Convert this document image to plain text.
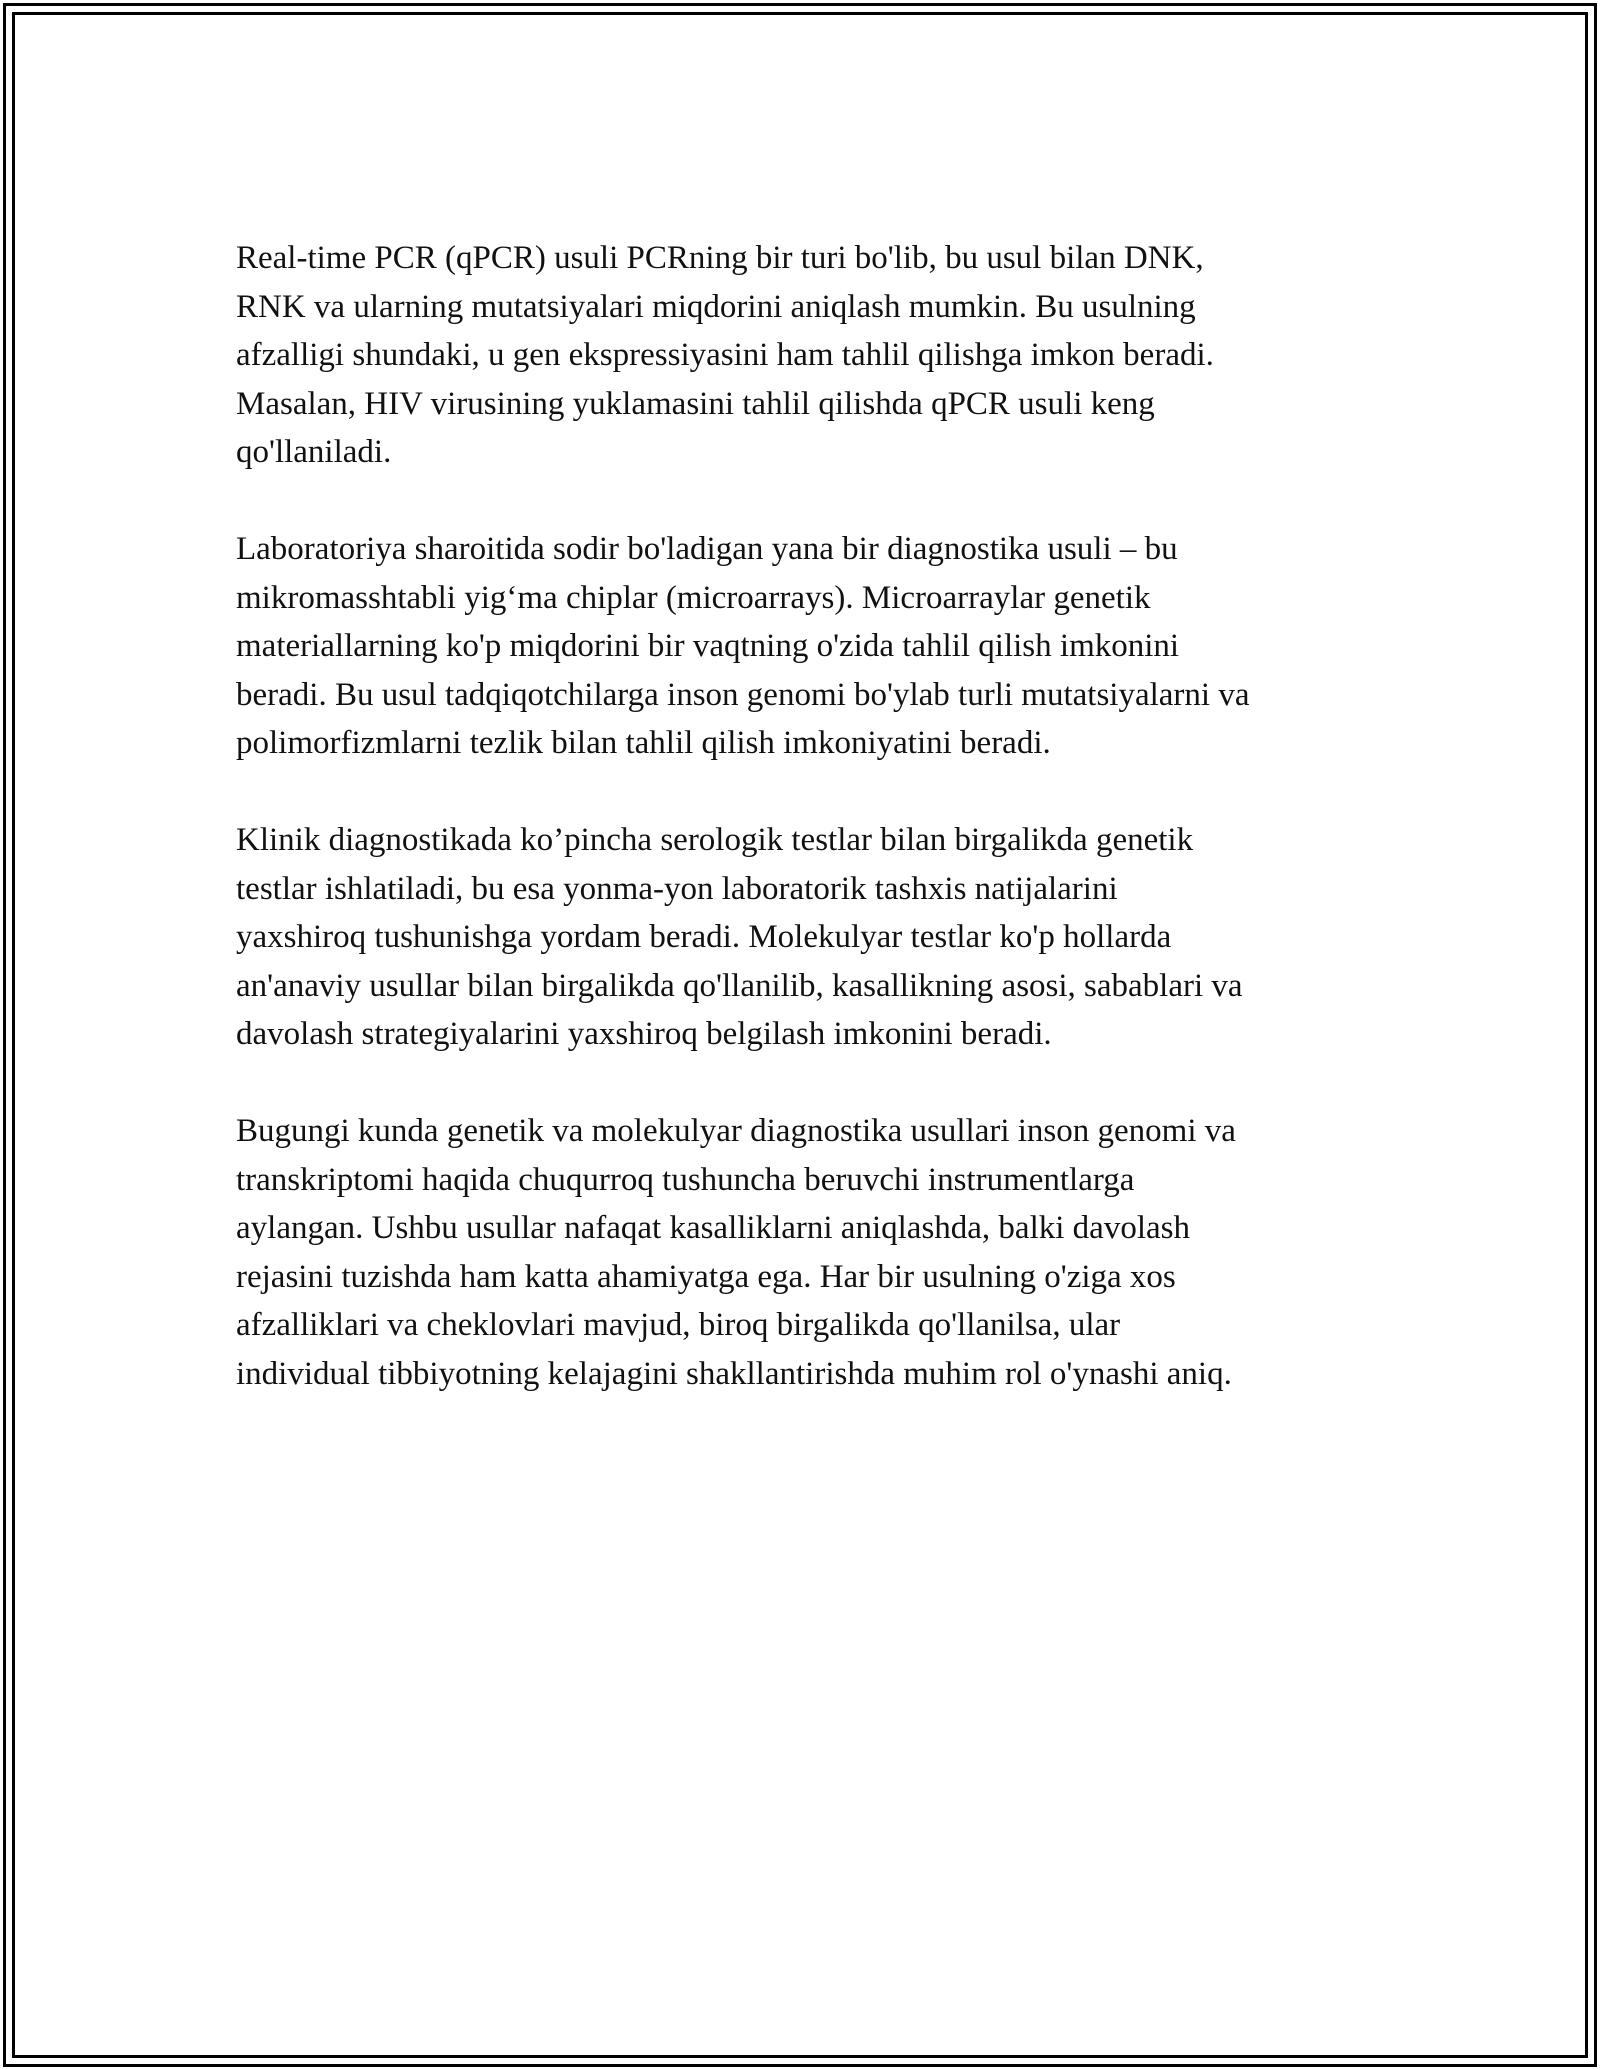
Real-time PCR (qPCR) usuli PCRning bir turi bo'lib, bu usul bilan DNK,
RNK va ularning mutatsiyalari miqdorini aniqlash mumkin. Bu usulning
afzalligi shundaki, u gen ekspressiyasini ham tahlil qilishga imkon beradi.
Masalan, HIV virusining yuklamasini tahlil qilishda qPCR usuli keng
qo'llaniladi.

Laboratoriya sharoitida sodir bo'ladigan yana bir diagnostika usuli – bu
mikromasshtabli yig‘ma chiplar (microarrays). Microarraylar genetik
materiallarning ko'p miqdorini bir vaqtning o'zida tahlil qilish imkonini
beradi. Bu usul tadqiqotchilarga inson genomi bo'ylab turli mutatsiyalarni va
polimorfizmlarni tezlik bilan tahlil qilish imkoniyatini beradi.

Klinik diagnostikada ko’pincha serologik testlar bilan birgalikda genetik
testlar ishlatiladi, bu esa yonma-yon laboratorik tashxis natijalarini
yaxshiroq tushunishga yordam beradi. Molekulyar testlar ko'p hollarda
an'anaviy usullar bilan birgalikda qo'llanilib, kasallikning asosi, sabablari va
davolash strategiyalarini yaxshiroq belgilash imkonini beradi.

Bugungi kunda genetik va molekulyar diagnostika usullari inson genomi va
transkriptomi haqida chuqurroq tushuncha beruvchi instrumentlarga
aylangan. Ushbu usullar nafaqat kasalliklarni aniqlashda, balki davolash
rejasini tuzishda ham katta ahamiyatga ega. Har bir usulning o'ziga xos
afzalliklari va cheklovlari mavjud, biroq birgalikda qo'llanilsa, ular
individual tibbiyotning kelajagini shakllantirishda muhim rol o'ynashi aniq.
